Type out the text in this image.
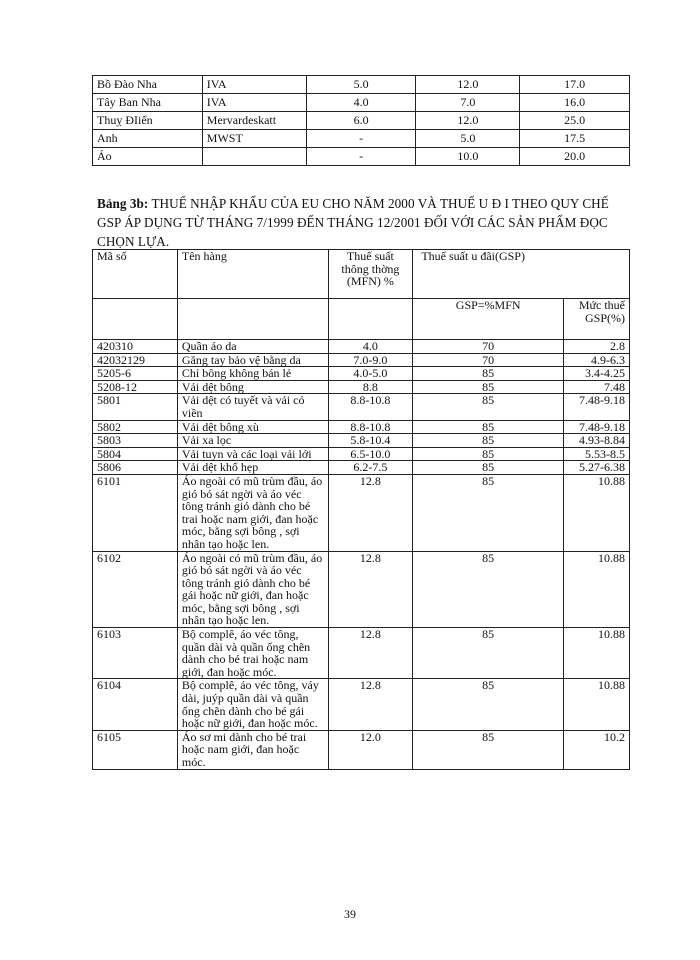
Bồ Đào Nha	IVA	5.0	12.0	17.0
Tây Ban Nha	IVA	4.0	7.0	16.0
Thuỵ ĐIiển	Mervardeskatt	6.0	12.0	25.0
Anh	MWST	-	5.0	17.5
Áo		-	10.0	20.0
Bảng 3b: THUẾ NHẬP KHẨU CỦA EU CHO NĂM 2000 VÀ THUẾ U Đ I THEO QUY CHẾ GSP ÁP DỤNG TỪ THÁNG 7/1999 ĐẾN THÁNG 12/2001 ĐỐI VỚI CÁC SẢN PHẨM ĐỌC CHỌN LỰA.
Mã số	Tên hàng	Thuế suất thông thờng (MFN) %	Thuế suất u đãi(GSP)	
			GSP=%MFN	Mức thuế GSP(%)
420310	Quần áo da	4.0	70	2.8
42032129	Găng tay bảo vệ bằng da	7.0-9.0	70	4.9-6.3
5205-6	Chỉ bông không bán lẻ	4.0-5.0	85	3.4-4.25
5208-12	Vải dệt bông	8.8	85	7.48
5801	Vải dệt có tuyết và vải có viền	8.8-10.8	85	7.48-9.18
5802	Vải dệt bông xù	8.8-10.8	85	7.48-9.18
5803	Vải xa lọc	5.8-10.4	85	4.93-8.84
5804	Vải tuyn và các loại vải lới	6.5-10.0	85	5.53-8.5
5806	Vải dệt khổ hẹp	6.2-7.5	85	5.27-6.38
6101	Áo ngoài có mũ trùm đầu, áo gió bó sát ngời và áo véc tông tránh gió dành cho bé trai hoặc nam giới, đan hoặc móc, bằng sợi bông , sợi nhân tạo hoặc len.	12.8	85	10.88
6102	Áo ngoài có mũ trùm đầu, áo gió bó sát ngời và áo véc tông tránh gió dành cho bé gái hoặc nữ giới, đan hoặc móc, bằng sợi bông , sợi nhân tạo hoặc len.	12.8	85	10.88
6103	Bộ complê, áo véc tông, quần dài và quần ống chẽn dành cho bé trai hoặc nam giới, đan hoặc móc.	12.8	85	10.88
6104	Bộ complê, áo véc tông, váy dài, juýp quần dài và quần ống chẽn dành cho bé gái hoặc nữ giới, đan hoặc móc.	12.8	85	10.88
6105	Áo sơ mi dành cho bé trai hoặc nam giới, đan hoặc móc.	12.0	85	10.2
39
